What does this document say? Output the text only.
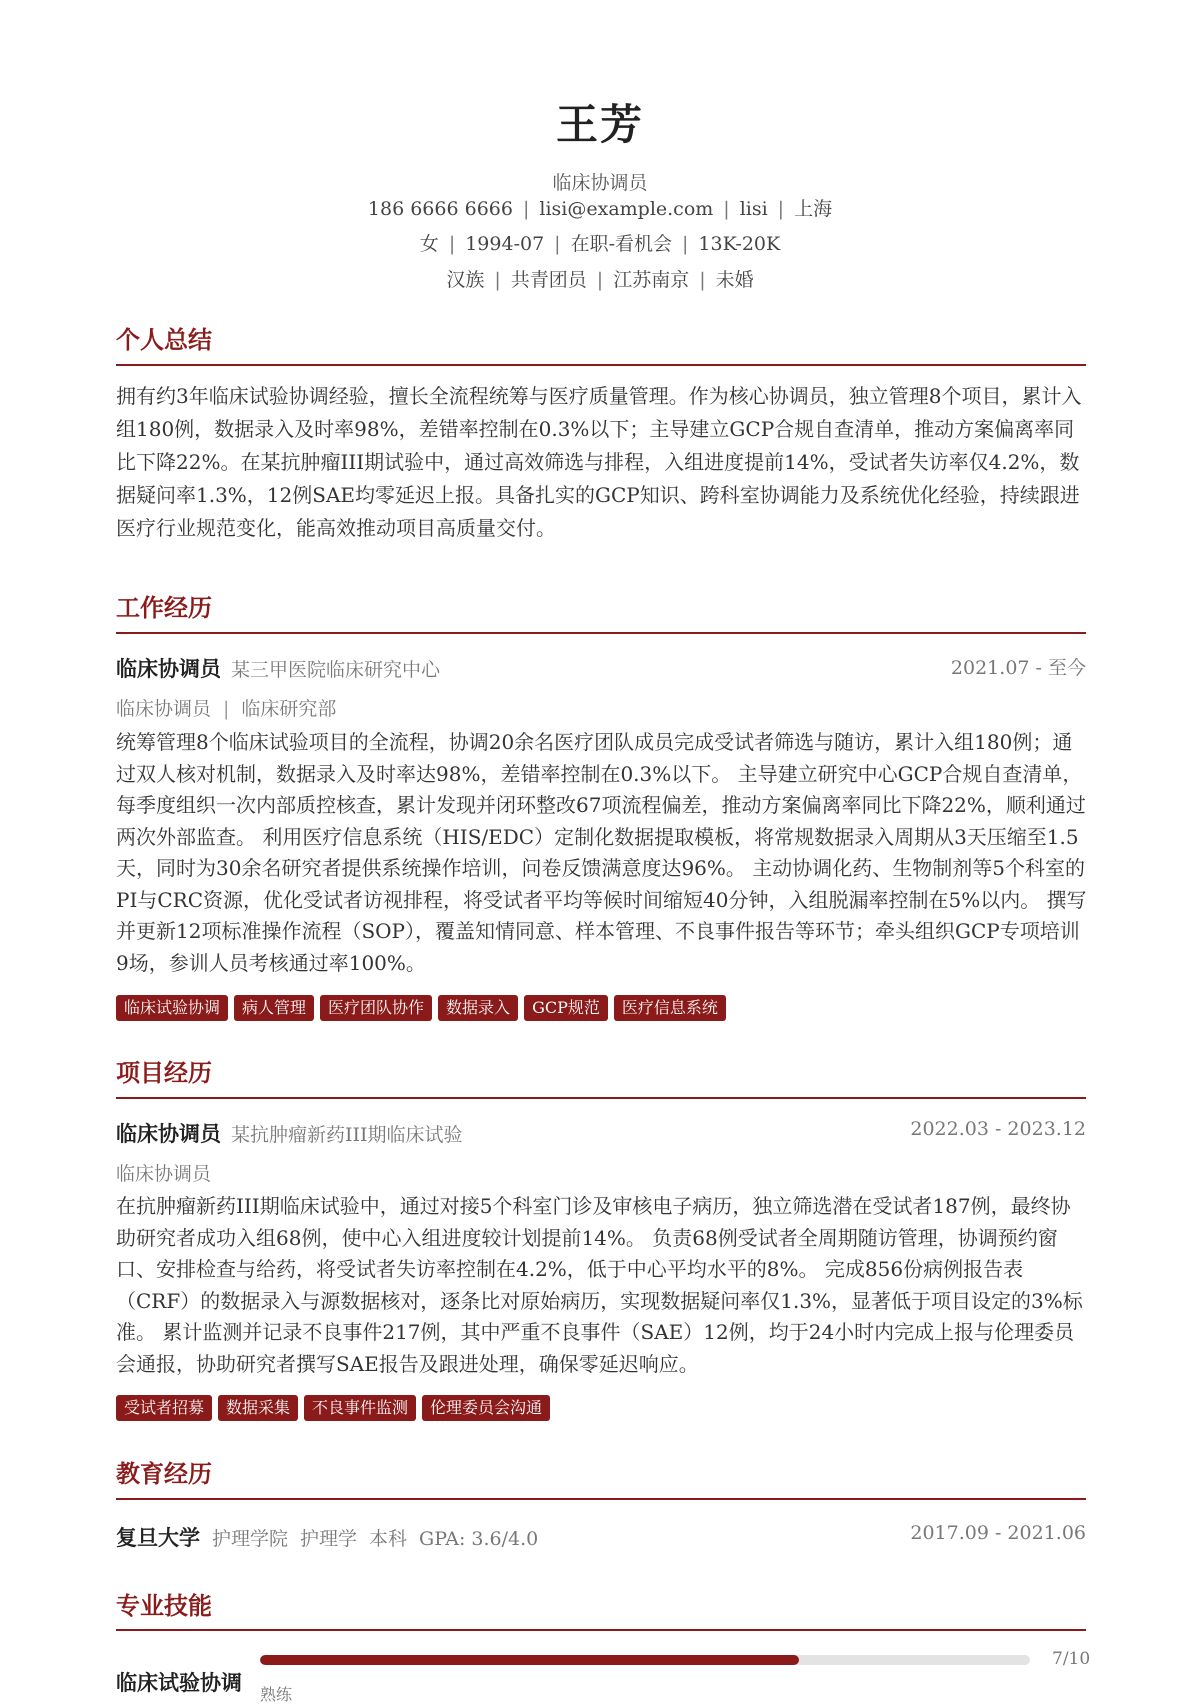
王芳
临床协调员
186 6666 6666 | lisi@example.com | lisi | 上海
女 | 1994-07 | 在职-看机会 | 13K-20K
汉族 | 共青团员 | 江苏南京 | 未婚
个人总结

拥有约3年临床试验协调经验，擅长全流程统筹与医疗质量管理。作为核心协调员，独立管理8个项目，累计入组180例，数据录入及时率98%，差错率控制在0.3%以下；主导建立GCP合规自查清单，推动方案偏离率同比下降22%。在某抗肿瘤III期试验中，通过高效筛选与排程，入组进度提前14%，受试者失访率仅4.2%，数据疑问率1.3%，12例SAE均零延迟上报。具备扎实的GCP知识、跨科室协调能力及系统优化经验，持续跟进医疗行业规范变化，能高效推动项目高质量交付。

工作经历
临床协调员 某三甲医院临床研究中心	2021.07 - 至今
临床协调员 | 临床研究部

统筹管理8个临床试验项目的全流程，协调20余名医疗团队成员完成受试者筛选与随访，累计入组180例；通过双人核对机制，数据录入及时率达98%，差错率控制在0.3%以下。 主导建立研究中心GCP合规自查清单，每季度组织一次内部质控核查，累计发现并闭环整改67项流程偏差，推动方案偏离率同比下降22%，顺利通过两次外部监查。 利用医疗信息系统（HIS/EDC）定制化数据提取模板，将常规数据录入周期从3天压缩至1.5天，同时为30余名研究者提供系统操作培训，问卷反馈满意度达96%。 主动协调化药、生物制剂等5个科室的PI与CRC资源，优化受试者访视排程，将受试者平均等候时间缩短40分钟，入组脱漏率控制在5%以内。 撰写并更新12项标准操作流程（SOP），覆盖知情同意、样本管理、不良事件报告等环节；牵头组织GCP专项培训9场，参训人员考核通过率100%。

临床试验协调	病人管理	医疗团队协作	数据录入	GCP规范	医疗信息系统
项目经历
临床协调员 某抗肿瘤新药III期临床试验	2022.03 - 2023.12
临床协调员

在抗肿瘤新药III期临床试验中，通过对接5个科室门诊及审核电子病历，独立筛选潜在受试者187例，最终协助研究者成功入组68例，使中心入组进度较计划提前14%。 负责68例受试者全周期随访管理，协调预约窗口、安排检查与给药，将受试者失访率控制在4.2%，低于中心平均水平的8%。 完成856份病例报告表（CRF）的数据录入与源数据核对，逐条比对原始病历，实现数据疑问率仅1.3%，显著低于项目设定的3%标准。 累计监测并记录不良事件217例，其中严重不良事件（SAE）12例，均于24小时内完成上报与伦理委员会通报，协助研究者撰写SAE报告及跟进处理，确保零延迟响应。

受试者招募	数据采集	不良事件监测	伦理委员会沟通
教育经历
复旦大学 护理学院 护理学 本科 GPA: 3.6/4.0	2017.09 - 2021.06
专业技能
临床试验协调
7/10
熟练
